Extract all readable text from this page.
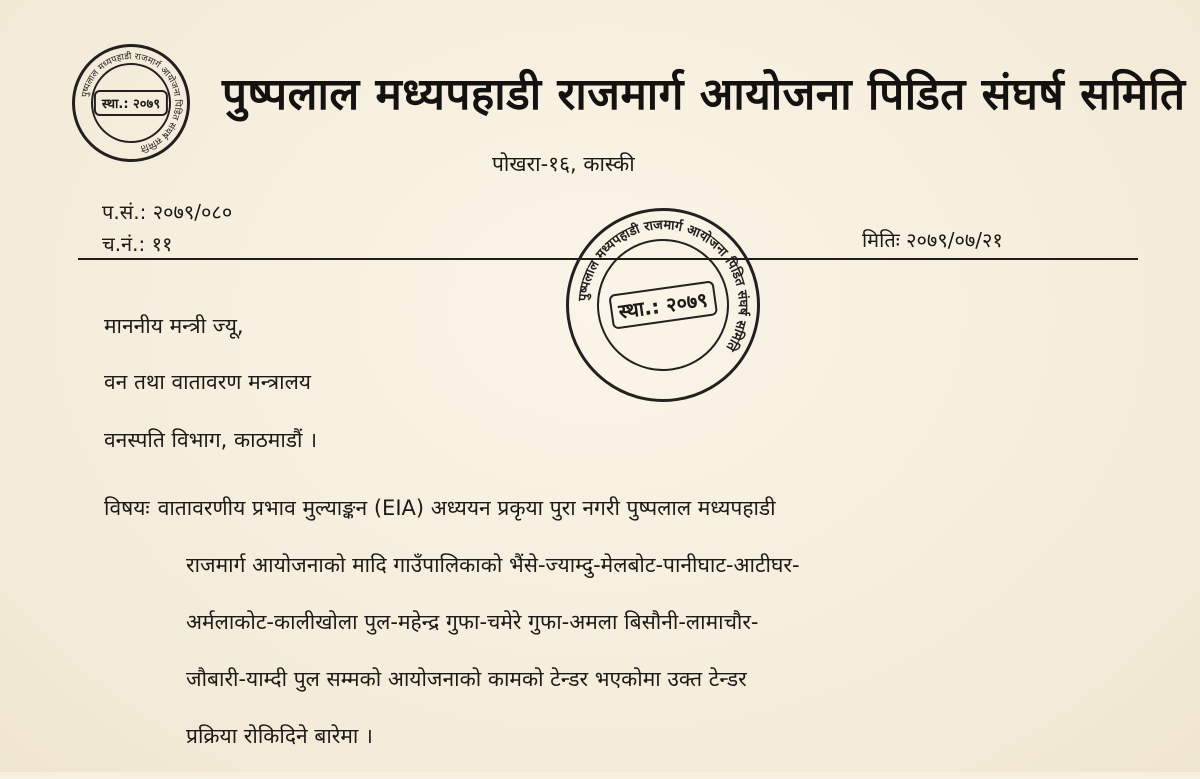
पुष्पलाल मध्यपहाडी राजमार्ग आयोजना पिडित संघर्ष समिति
स्था.: २०७९ पुष्पलाल मध्यपहाडी राजमार्ग आयोजना पिडित संघर्ष समिति
पोखरा-१६, कास्की
प.सं.: २०७९/०८०
च.नं.: ११	मितिः २०७९/०७/२१
पुष्पलाल मध्यपहाडी राजमार्ग आयोजना पिडित संघर्ष समिति
स्था.: २०७९
माननीय मन्त्री ज्यू,
वन तथा वातावरण मन्त्रालय
वनस्पति विभाग, काठमाडौं ।
विषयः वातावरणीय प्रभाव मुल्याङ्कन (EIA) अध्ययन प्रकृया पुरा नगरी पुष्पलाल मध्यपहाडी
राजमार्ग आयोजनाको मादि गाउँपालिकाको भैंसे-ज्याम्दु-मेलबोट-पानीघाट-आटीघर-
अर्मलाकोट-कालीखोला पुल-महेन्द्र गुफा-चमेरे गुफा-अमला बिसौनी-लामाचौर-
जौबारी-याम्दी पुल सम्मको आयोजनाको कामको टेन्डर भएकोमा उक्त टेन्डर
प्रक्रिया रोकिदिने बारेमा ।
